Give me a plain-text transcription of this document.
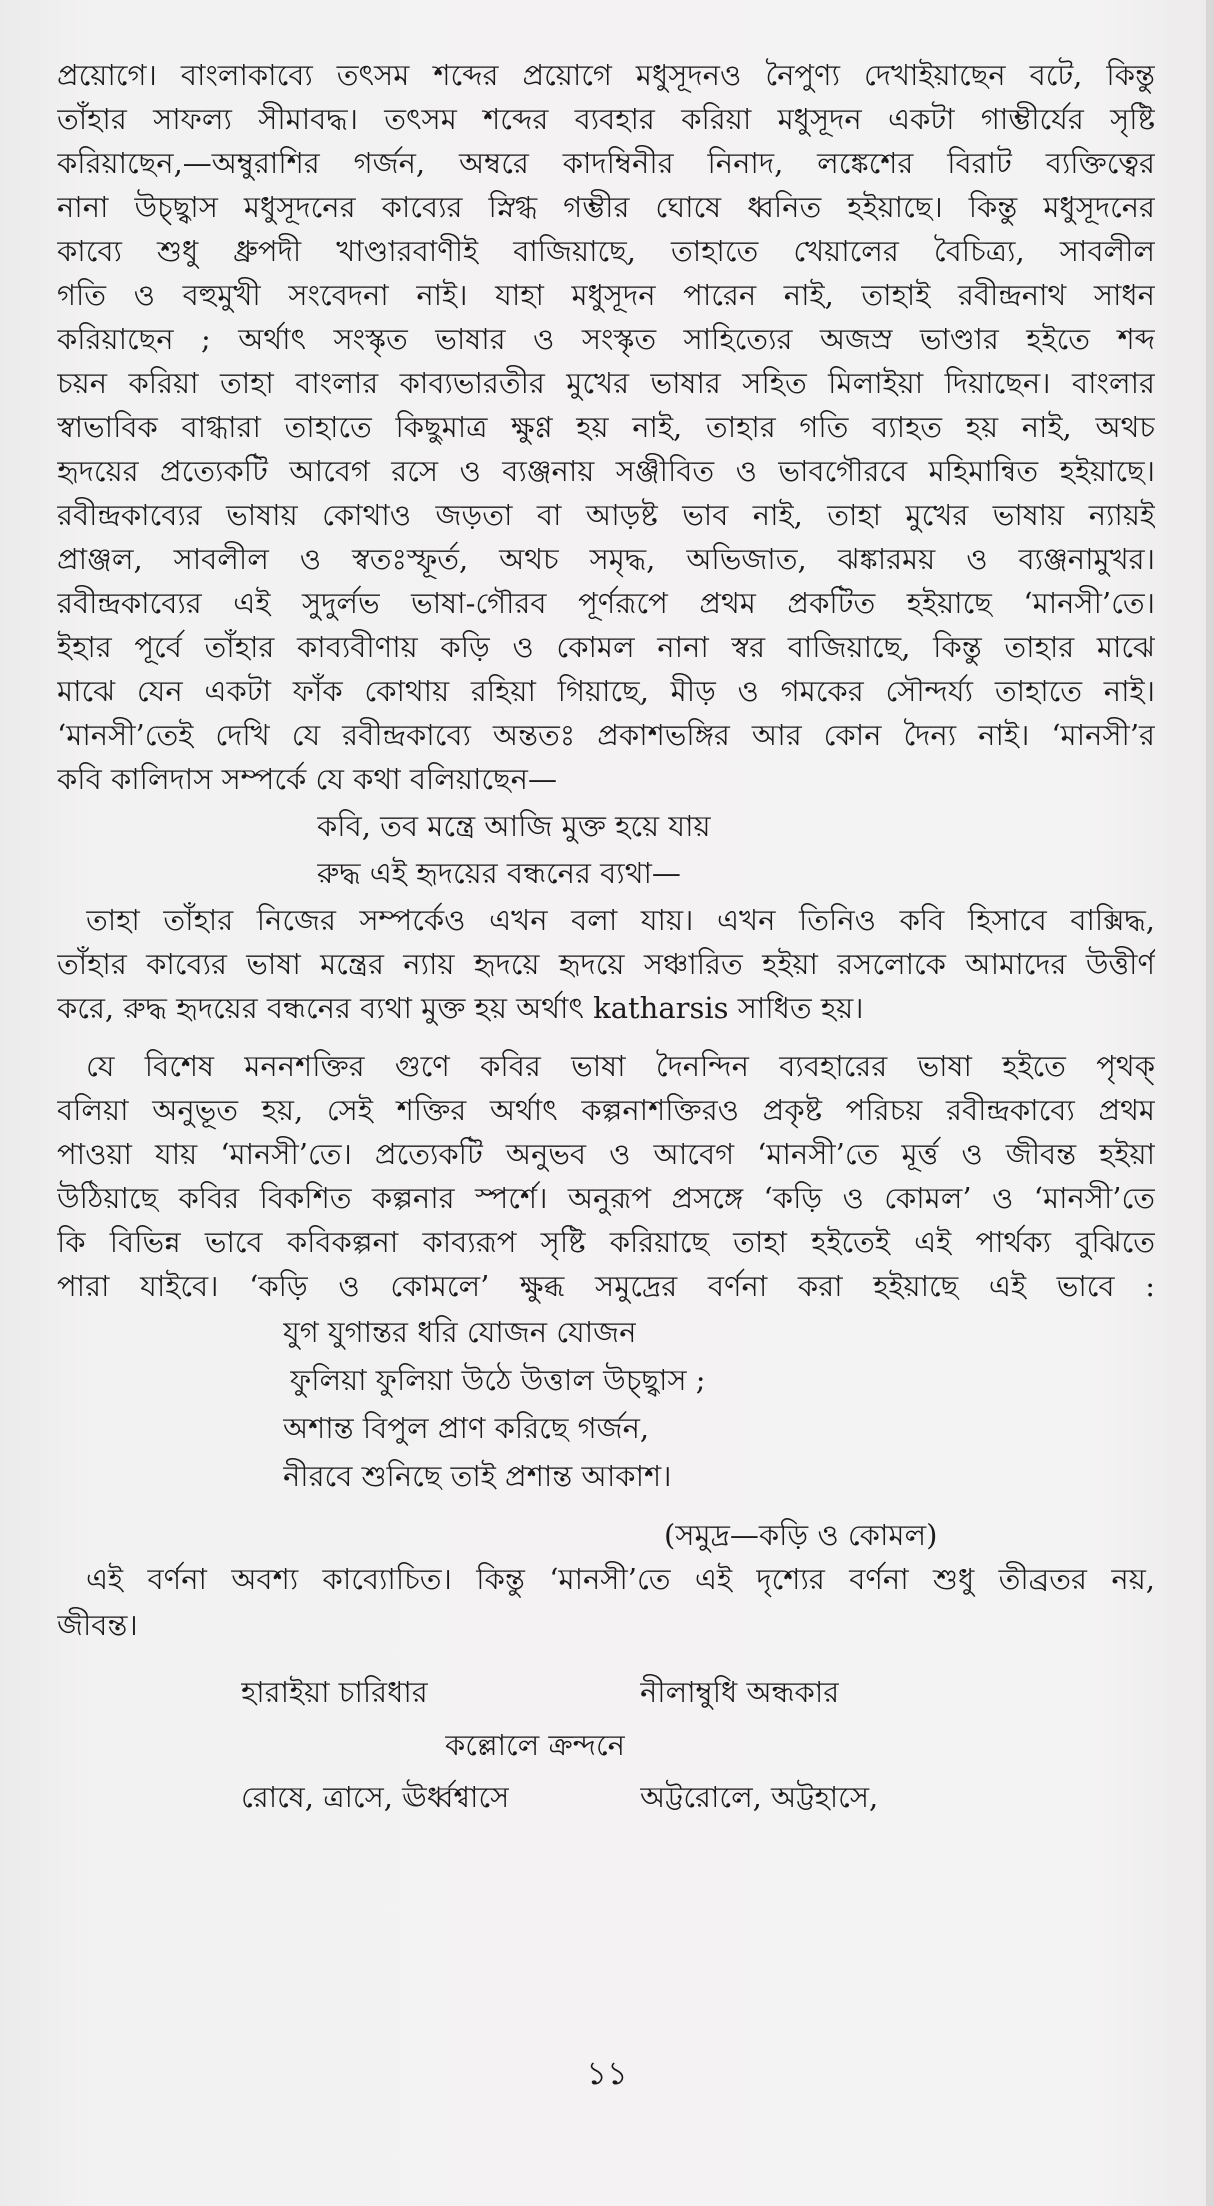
প্রয়োগে। বাংলাকাব্যে তৎসম শব্দের প্রয়োগে মধুসূদনও নৈপুণ্য দেখাইয়াছেন বটে, কিন্তু
তাঁহার সাফল্য সীমাবদ্ধ। তৎসম শব্দের ব্যবহার করিয়া মধুসূদন একটা গাম্ভীর্যের সৃষ্টি
করিয়াছেন,—অম্বুরাশির গর্জন, অম্বরে কাদম্বিনীর নিনাদ, লঙ্কেশের বিরাট ব্যক্তিত্বের
নানা উচ্ছ্বাস মধুসূদনের কাব্যের স্নিগ্ধ গম্ভীর ঘোষে ধ্বনিত হইয়াছে। কিন্তু মধুসূদনের
কাব্যে শুধু ধ্রুপদী খাণ্ডারবাণীই বাজিয়াছে, তাহাতে খেয়ালের বৈচিত্র্য, সাবলীল
গতি ও বহুমুখী সংবেদনা নাই। যাহা মধুসূদন পারেন নাই, তাহাই রবীন্দ্রনাথ সাধন
করিয়াছেন ; অর্থাৎ সংস্কৃত ভাষার ও সংস্কৃত সাহিত্যের অজস্র ভাণ্ডার হইতে শব্দ
চয়ন করিয়া তাহা বাংলার কাব্যভারতীর মুখের ভাষার সহিত মিলাইয়া দিয়াছেন। বাংলার
স্বাভাবিক বাগ্ধারা তাহাতে কিছুমাত্র ক্ষুণ্ণ হয় নাই, তাহার গতি ব্যাহত হয় নাই, অথচ
হৃদয়ের প্রত্যেকটি আবেগ রসে ও ব্যঞ্জনায় সঞ্জীবিত ও ভাবগৌরবে মহিমান্বিত হইয়াছে।
রবীন্দ্রকাব্যের ভাষায় কোথাও জড়তা বা আড়ষ্ট ভাব নাই, তাহা মুখের ভাষায় ন্যায়ই
প্রাঞ্জল, সাবলীল ও স্বতঃস্ফূর্ত, অথচ সমৃদ্ধ, অভিজাত, ঝঙ্কারময় ও ব্যঞ্জনামুখর।
রবীন্দ্রকাব্যের এই সুদুর্লভ ভাষা-গৌরব পূর্ণরূপে প্রথম প্রকটিত হইয়াছে ‘মানসী’তে।
ইহার পূর্বে তাঁহার কাব্যবীণায় কড়ি ও কোমল নানা স্বর বাজিয়াছে, কিন্তু তাহার মাঝে
মাঝে যেন একটা ফাঁক কোথায় রহিয়া গিয়াছে, মীড় ও গমকের সৌন্দর্য্য তাহাতে নাই।
‘মানসী’তেই দেখি যে রবীন্দ্রকাব্যে অন্ততঃ প্রকাশভঙ্গির আর কোন দৈন্য নাই। ‘মানসী’র
কবি কালিদাস সম্পর্কে যে কথা বলিয়াছেন—
কবি, তব মন্ত্রে আজি মুক্ত হয়ে যায়
রুদ্ধ এই হৃদয়ের বন্ধনের ব্যথা—
তাহা তাঁহার নিজের সম্পর্কেও এখন বলা যায়। এখন তিনিও কবি হিসাবে বাক্সিদ্ধ,
তাঁহার কাব্যের ভাষা মন্ত্রের ন্যায় হৃদয়ে হৃদয়ে সঞ্চারিত হইয়া রসলোকে আমাদের উত্তীর্ণ
করে, রুদ্ধ হৃদয়ের বন্ধনের ব্যথা মুক্ত হয় অর্থাৎ katharsis সাধিত হয়।
যে বিশেষ মননশক্তির গুণে কবির ভাষা দৈনন্দিন ব্যবহারের ভাষা হইতে পৃথক্
বলিয়া অনুভূত হয়, সেই শক্তির অর্থাৎ কল্পনাশক্তিরও প্রকৃষ্ট পরিচয় রবীন্দ্রকাব্যে প্রথম
পাওয়া যায় ‘মানসী’তে। প্রত্যেকটি অনুভব ও আবেগ ‘মানসী’তে মূর্ত্ত ও জীবন্ত হইয়া
উঠিয়াছে কবির বিকশিত কল্পনার স্পর্শে। অনুরূপ প্রসঙ্গে ‘কড়ি ও কোমল’ ও ‘মানসী’তে
কি বিভিন্ন ভাবে কবিকল্পনা কাব্যরূপ সৃষ্টি করিয়াছে তাহা হইতেই এই পার্থক্য বুঝিতে
পারা যাইবে। ‘কড়ি ও কোমলে’ ক্ষুব্ধ সমুদ্রের বর্ণনা করা হইয়াছে এই ভাবে :
যুগ যুগান্তর ধরি যোজন যোজন
ফুলিয়া ফুলিয়া উঠে উত্তাল উচ্ছ্বাস ;
অশান্ত বিপুল প্রাণ করিছে গর্জন,
নীরবে শুনিছে তাই প্রশান্ত আকাশ।
(সমুদ্র—কড়ি ও কোমল)
এই বর্ণনা অবশ্য কাব্যোচিত। কিন্তু ‘মানসী’তে এই দৃশ্যের বর্ণনা শুধু তীব্রতর নয়,
জীবন্ত।
হারাইয়া চারিধার	নীলাম্বুধি অন্ধকার
কল্লোলে ক্রন্দনে
রোষে, ত্রাসে, ঊর্ধ্বশ্বাসে	অট্টরোলে, অট্টহাসে,
১১
